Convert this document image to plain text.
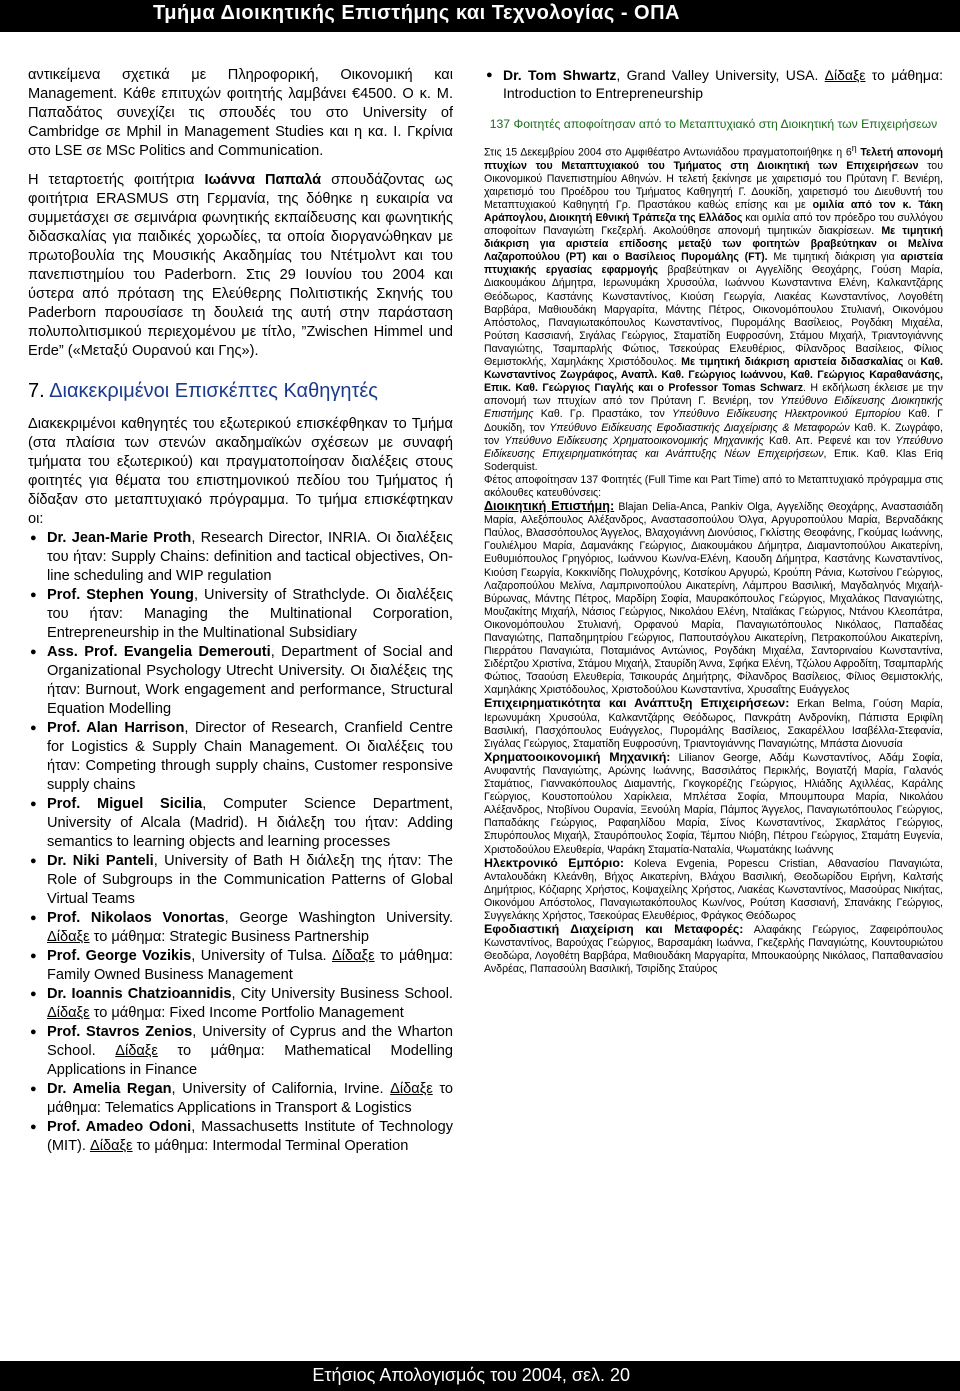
Τμήμα Διοικητικής Επιστήμης και Τεχνολογίας - ΟΠΑ

αντικείμενα σχετικά με Πληροφορική, Οικονομική και Management. Κάθε επιτυχών φοιτητής λαμβάνει €4500. Ο κ. Μ. Παπαδάτος συνεχίζει τις σπουδές του στο University of Cambridge σε Mphil in Management Studies και η κα. Ι. Γκρίνια στο LSE σε MSc Politics and Communication.

Η τεταρτοετής φοιτήτρια Ιωάννα Παπαλά σπουδάζοντας ως φοιτήτρια ERASMUS στη Γερμανία, της δόθηκε η ευκαιρία να συμμετάσχει σε σεμινάρια φωνητικής εκπαίδευσης και φωνητικής διδασκαλίας για παιδικές χορωδίες, τα οποία διοργανώθηκαν με πρωτοβουλία της Μουσικής Ακαδημίας του Ντέτμολντ και του πανεπιστημίου του Paderborn. Στις 29 Ιουνίου του 2004 και ύστερα από πρόταση της Ελεύθερης Πολιτιστικής Σκηνής του Paderborn παρουσίασε τη δουλειά της αυτή στην παράσταση πολυπολιτισμικού περιεχομένου με τίτλο, ”Zwischen Himmel und Erde” («Μεταξύ Ουρανού και Γης»).

7. Διακεκριμένοι Επισκέπτες Καθηγητές

Διακεκριμένοι καθηγητές του εξωτερικού επισκέφθηκαν το Τμήμα (στα πλαίσια των στενών ακαδημαϊκών σχέσεων με συναφή τμήματα του εξωτερικού) και πραγματοποίησαν διαλέξεις στους φοιτητές για θέματα του επιστημονικού πεδίου του Τμήματος ή δίδαξαν στο μεταπτυχιακό πρόγραμμα. Το τμήμα επισκέφτηκαν οι:

● Dr. Jean-Marie Proth, Research Director, INRIA. Οι διαλέξεις του ήταν: Supply Chains: definition and tactical objectives, On-line scheduling and WIP regulation
● Prof. Stephen Young, University of Strathclyde. Οι διαλέξεις του ήταν: Managing the Multinational Corporation, Entrepreneurship in the Multinational Subsidiary
● Ass. Prof. Evangelia Demerouti, Department of Social and Organizational Psychology Utrecht University. Οι διαλέξεις της ήταν: Burnout, Work engagement and performance, Structural Equation Modelling
● Prof. Alan Harrison, Director of Research, Cranfield Centre for Logistics & Supply Chain Management. Οι διαλέξεις του ήταν: Competing through supply chains, Customer responsive supply chains
● Prof. Miguel Sicilia, Computer Science Department, University of Alcala (Madrid). Η διάλεξη του ήταν: Adding semantics to learning objects and learning processes
● Dr. Niki Panteli, University of Bath Η διάλεξη της ήταν: The Role of Subgroups in the Communication Patterns of Global Virtual Teams
● Prof. Nikolaos Vonortas, George Washington University. Δίδαξε το μάθημα: Strategic Business Partnership
● Prof. George Vozikis, University of Tulsa. Δίδαξε το μάθημα: Family Owned Business Management
● Dr. Ioannis Chatzioannidis, City University Business School. Δίδαξε το μάθημα: Fixed Income Portfolio Management
● Prof. Stavros Zenios, University of Cyprus and the Wharton School. Δίδαξε το μάθημα: Mathematical Modelling Applications in Finance
● Dr. Amelia Regan, University of California, Irvine. Δίδαξε το μάθημα: Telematics Applications in Transport & Logistics
● Prof. Amadeo Odoni, Massachusetts Institute of Technology (MIT). Δίδαξε το μάθημα: Intermodal Terminal Operation
● Dr. Tom Shwartz, Grand Valley University, USA. Δίδαξε το μάθημα: Introduction to Entrepreneurship
137 Φοιτητές αποφοίτησαν από το Μεταπτυχιακό στη Διοικητική των Επιχειρήσεων

Στις 15 Δεκεμβρίου 2004 στο Αμφιθέατρο Αντωνιάδου πραγματοποιήθηκε η $6^\eta$ Τελετή απονομή πτυχίων του Μεταπτυχιακού του Τμήματος στη Διοικητική των Επιχειρήσεων του Οικονομικού Πανεπιστημίου Αθηνών. Η τελετή ξεκίνησε με χαιρετισμό του Πρύτανη Γ. Βενιέρη, χαιρετισμό του Προέδρου του Τμήματος Καθηγητή Γ. Δουκίδη, χαιρετισμό του Διευθυντή του Μεταπτυχιακού Καθηγητή Γρ. Πραστάκου καθώς επίσης και με ομιλία από τον κ. Τάκη Αράπογλου, Διοικητή Εθνική Τράπεζα της Ελλάδος και ομιλία από τον πρόεδρο του συλλόγου αποφοίτων Παναγιώτη Γκεζερλή. Ακολούθησε απονομή τιμητικών διακρίσεων. Με τιμητική διάκριση για αριστεία επίδοσης μεταξύ των φοιτητών βραβεύτηκαν οι Μελίνα Λαζαροπούλου (ΡΤ) και ο Βασίλειος Πυρομάλης (FT). Με τιμητική διάκριση για αριστεία πτυχιακής εργασίας εφαρμογής βραβεύτηκαν οι Αγγελίδης Θεοχάρης, Γούση Μαρία, Διακουμάκου Δήμητρα, Ιερωνυμάκη Χρυσούλα, Ιωάννου Κωνσταντινα Ελένη, Καλκαντζάρης Θεόδωρος, Καστάνης Κωνσταντίνος, Κιούση Γεωργία, Λιακέας Κωνσταντίνος, Λογοθέτη Βαρβάρα, Μαθιουδάκη Μαργαρίτα, Μάντης Πέτρος, Οικονομόπουλου Στυλιανή, Οικονόμου Απόστολος, Παναγιωτακόπουλος Κωνσταντίνος, Πυρομάλης Βασίλειος, Ρογδάκη Μιχαέλα, Ρούτση Κασσιανή, Σιγάλας Γεώργιος, Σταματίδη Ευφροσύνη, Στάμου Μιχαήλ, Τριαντογιάννης Παναγιώτης, Τσαμπαρλής Φώτιος, Τσεκούρας Ελευθέριος, Φίλανδρος Βασίλειος, Φίλιος Θεμιστοκλής, Χαμηλάκης Χριστόδουλος. Με τιμητική διάκριση αριστεία διδασκαλίας οι Καθ. Κωνσταντίνος Ζωγράφος, Αναπλ. Καθ. Γεώργιος Ιωάννου, Καθ. Γεώργιος Καραθανάσης, Επικ. Καθ. Γεώργιος Γιαγλής και ο Professor Tomas Schwarz. Η εκδήλωση έκλεισε με την απονομή των πτυχίων από τον Πρύτανη Γ. Βενιέρη, τον Υπεύθυνο Ειδίκευσης Διοικητικής Επιστήμης Καθ. Γρ. Πραστάκο, τον Υπεύθυνο Ειδίκευσης Ηλεκτρονικού Εμπορίου Καθ. Γ Δουκίδη, τον Υπεύθυνο Ειδίκευσης Εφοδιαστικής Διαχείρισης & Μεταφορών Καθ. Κ. Ζωγράφο, τον Υπεύθυνο Ειδίκευσης Χρηματοοικονομικής Μηχανικής Καθ. Απ. Ρεφενέ και τον Υπεύθυνο Ειδίκευσης Επιχειρηματικότητας και Ανάπτυξης Νέων Επιχειρήσεων, Επικ. Καθ. Klas Eriq Soderquist.

Φέτος αποφοίτησαν 137 Φοιτητές (Full Time και Part Time) από το Μεταπτυχιακό πρόγραμμα στις ακόλουθες κατευθύνσεις:

Διοικητική Επιστήμη: Blajan Delia-Anca, Pankiv Olga, Αγγελίδης Θεοχάρης, Αναστασιάδη Μαρία, Αλεξόπουλος Αλέξανδρος, Αναστασοπούλου Όλγα, Αργυροπούλου Μαρία, Βερναδάκης Παύλος, Βλασσόπουλος Άγγελος, Βλαχογιάννη Διονύσιος, Γκλίστης Θεοφάνης, Γκούμας Ιωάννης, Γουλιέλμου Μαρία, Δαμανάκης Γεώργιος, Διακουμάκου Δήμητρα, Διαμαντοπούλου Αικατερίνη, Ευθυμιόπουλος Γρηγόριος, Ιωάννου Κων/να-Ελένη, Καουδη Δήμητρα, Καστάνης Κωνσταντίνος, Κιούση Γεωργία, Κοκκινίδης Πολυχρόνης, Κοτσίκου Αργυρώ, Κρούπη Ράνια, Κωτσίνου Γεώργιος, Λαζαροπούλου Μελίνα, Λαμπρινοπούλου Αικατερίνη, Λάμπρου Βασιλική, Μαγδαληνός Μιχαήλ-Βύρωνας, Μάντης Πέτρος, Μαρδίρη Σοφία, Μαυρακόπουλος Γεώργιος, Μιχαλάκος Παναγιώτης, Μουζακίτης Μιχαήλ, Νάσιος Γεώργιος, Νικολάου Ελένη, Νταϊάκας Γεώργιος, Ντάνου Κλεοπάτρα, Οικονομόπουλου Στυλιανή, Ορφανού Μαρία, Παναγιωτόπουλος Νικόλαος, Παπαδέας Παναγιώτης, Παπαδημητρίου Γεώργιος, Παπουτσόγλου Αικατερίνη, Πετρακοπούλου Αικατερίνη, Πιερράτου Παναγιώτα, Ποταμιάνος Αντώνιος, Ρογδάκη Μιχαέλα, Σαντοριναίου Κωνσταντίνα, Σιδέρτζου Χριστίνα, Στάμου Μιχαήλ, Σταυρίδη Άννα, Σφήκα Ελένη, Τζώλου Αφροδίτη, Τσαμπαρλής Φώτιος, Τσαούση Ελευθερία, Τσικουράς Δημήτρης, Φίλανδρος Βασίλειος, Φίλιος Θεμιστοκλής, Χαμηλάκης Χριστόδουλος, Χριστοδούλου Κωνσταντίνα, Χρυσαΐτης Ευάγγελος

Επιχειρηματικότητα και Ανάπτυξη Επιχειρήσεων: Erkan Belma, Γούση Μαρία, Ιερωνυμάκη Χρυσούλα, Καλκαντζάρης Θεόδωρος, Πανκράτη Ανδρονίκη, Πάπιστα Εριφίλη Βασιλική, Πασχόπουλος Ευάγγελος, Πυρομάλης Βασίλειος, Σακαρέλλου Ισαβέλλα-Στεφανία, Σιγάλας Γεώργιος, Σταματίδη Ευφροσύνη, Τριαντογιάννης Παναγιώτης, Μπάστα Διονυσία

Χρηματοοικονομική Μηχανική: Lilianov George, Αδάμ Κωνσταντίνος, Αδάμ Σοφία, Ανυφαντής Παναγιώτης, Αρώνης Ιωάννης, Βασσιλάτος Περικλής, Βογιατζή Μαρία, Γαλανός Σταμάτιος, Γιαννακόπουλος Διαμαντής, Γκογκορέζης Γεώργιος, Ηλιάδης Αχιλλέας, Καράλης Γεώργιος, Κουστοπούλου Χαρίκλεια, Μπλέτσα Σοφία, Μπουμπουρα Μαρία, Νικολάου Αλέξανδρος, Ντοβίνου Ουρανία, Ξενούλη Μαρία, Πάμπος Άγγελος, Παναγιωτόπουλος Γεώργιος, Παπαδάκης Γεώργιος, Ραφαηλίδου Μαρία, Σίνος Κωνσταντίνος, Σκαρλάτος Γεώργιος, Σπυρόπουλος Μιχαήλ, Σταυρόπουλος Σοφία, Τέμπου Νιόβη, Πέτρου Γεώργιος, Σταμάτη Ευγενία, Χριστοδούλου Ελευθερία, Ψαράκη Σταματία-Ναταλία, Ψωματάκης Ιωάννης

Ηλεκτρονικό Εμπόριο: Koleva Evgenia, Popescu Cristian, Αθανασίου Παναγιώτα, Ανταλουδάκη Κλεάνθη, Βήχος Αικατερίνη, Βλάχου Βασιλική, Θεοδωρίδου Ειρήνη, Καλτσής Δημήτριος, Κόζιαρης Χρήστος, Κοψαχείλης Χρήστος, Λιακέας Κωνσταντίνος, Μασούρας Νικήτας, Οικονόμου Απόστολος, Παναγιωτακόπουλος Κων/νος, Ρούτση Κασσιανή, Σπανάκης Γεώργιος, Συγγελάκης Χρήστος, Τσεκούρας Ελευθέριος, Φράγκος Θεόδωρος

Εφοδιαστική Διαχείριση και Μεταφορές: Αλαφάκης Γεώργιος, Ζαφειρόπουλος Κωνσταντίνος, Βαρούχας Γεώργιος, Βαρσαμάκη Ιωάννα, Γκεζερλής Παναγιώτης, Κουντουριώτου Θεοδώρα, Λογοθέτη Βαρβάρα, Μαθιουδάκη Μαργαρίτα, Μπουκαούρης Νικόλαος, Παπαθανασίου Ανδρέας, Παπασούλη Βασιλική, Τσιρίδης Σταύρος

Ετήσιος Απολογισμός του 2004, σελ. 20
